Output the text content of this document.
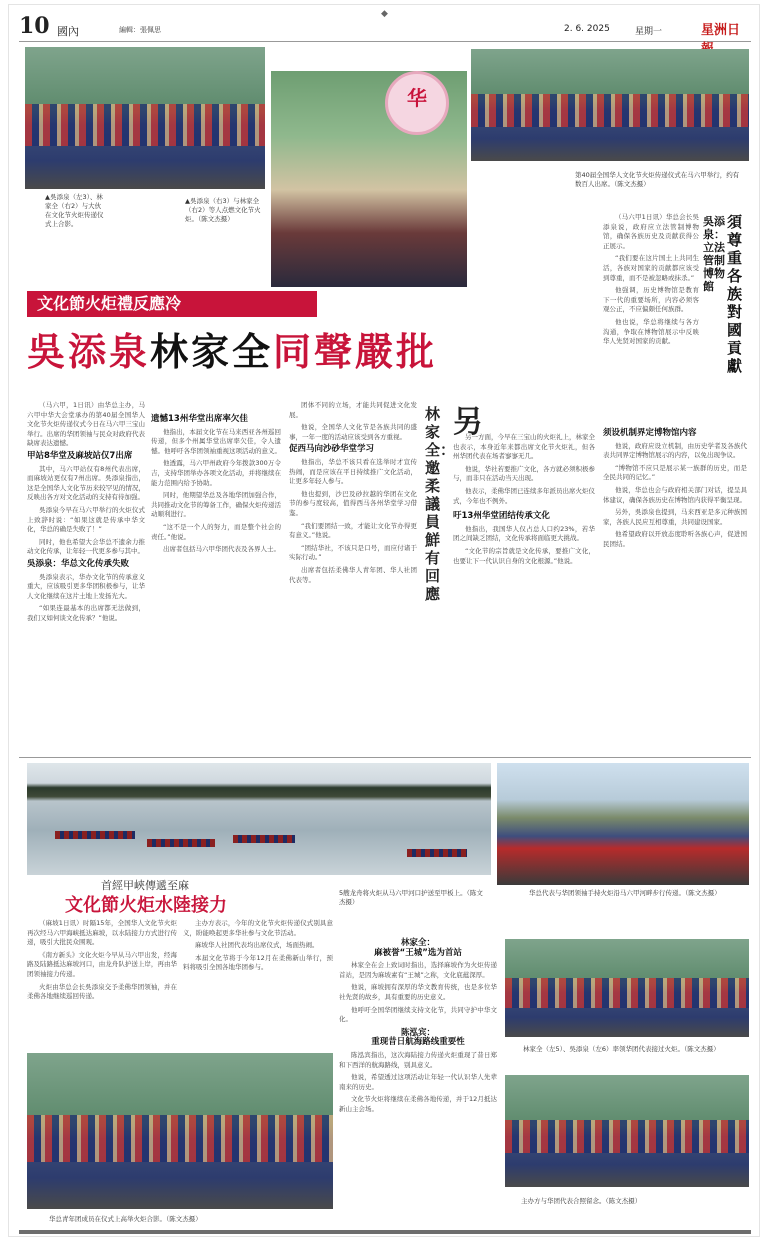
◆
10 國內	編輯：張佩思	2. 6. 2025	星期一	星洲日
▲吳添泉（左3）、林家全（右2）与大伙在文化节火炬传递仪式上合影。
华
▲吳添泉（右3）与林家全（右2）等人点燃文化节火炬。（陈文杰摄）
第40届全国华人文化节火炬传递仪式在马六甲举行，约有数百人出席。（陈文杰摄）
文化節火炬禮反應冷
吳添泉林家全同聲嚴批
須尊重各族對國貢獻
吳添泉：立法管制博物館

（马六甲，1日讯）由华总主办，马六甲中华大会堂承办的第40届全国华人文化节火炬传递仪式今日在马六甲三宝山举行。出席的华团领袖与民众对政府代表缺席表达遗憾。

甲站8华堂及麻坡站仅7出席

其中，马六甲站仅有8州代表出席，而麻坡站更仅有7州出席。吳添泉指出，这是全国华人文化节历来较罕见的情况，反映出各方对文化活动的支持有待加强。

吳添泉今早在马六甲举行的火炬仪式上致辞时说：“如果这就是传承中华文化，华总的确是失败了！”

同时，他也希望大会华总不遗余力推动文化传承，让年轻一代更多参与其中。

吳添泉：华总文化传承失败

吳添泉表示，华办文化节的传承意义重大，应该吸引更多华团积极参与，让华人文化继续在这片土地上发扬光大。

“如果连最基本的出席都无法做到，我们又如何谈文化传承？”他说。

遗憾13州华堂出席率欠佳

他指出，本届文化节在马来西亚各州巡回传递，但多个州属华堂出席率欠佳，令人遗憾。他呼吁各华团领袖重视这项活动的意义。

他透露，马六甲州政府今年拨款300万令吉，支持华团举办各项文化活动，并将继续在能力范围内给予协助。

同时，他期望华总及各地华团加强合作，共同推动文化节的筹备工作，确保火炬传递活动顺利进行。

“这不是一个人的努力，而是整个社会的责任。”他说。

出席者包括马六甲华团代表及各界人士。

团体不同的立场，才能共同促进文化发展。

他说，全国华人文化节是各族共同的盛事，一年一度的活动应该受到各方重视。

促西马向沙砂华堂学习

他指出，华总不该只看在选举时才宣传热闹，而是应该在平日持续推广文化活动，让更多年轻人参与。

他也提到，沙巴及砂拉越的华团在文化节的参与度较高，值得西马各州华堂学习借鉴。

“我们要团结一致，才能让文化节办得更有意义。”他说。

“团结华社，不该只是口号，而应付诸于实际行动。”

出席者包括柔佛华人青年团、华人社团代表等。

林家全：邀柔議員鮮有回應
另

另一方面，今早在三宝山的火炬礼上，林家全也表示，本身近年来都出席文化节火炬礼，但各州华团代表在场者寥寥无几。

他说，华社若要推广文化，各方就必须积极参与，而非只在活动当天出现。

他表示，柔佛华团已连续多年派员出席火炬仪式，今年也不例外。

吁13州华堂团结传承文化

他指出，我国华人仅占总人口约23%，若华团之间缺乏团结，文化传承将面临更大挑战。

“文化节的宗旨就是文化传承，要推广文化，也要让下一代认识自身的文化根源。”他说。

（马六甲1日讯）华总会长吳添泉说，政府应立法管制博物馆，确保各族历史及贡献获得公正展示。

“我们要在这片国土上共同生活，各族对国家的贡献都应该受到尊重，而不是被忽略或抹杀。”

他强调，历史博物馆是教育下一代的重要场所，内容必须客观公正，不应偏颇任何族群。

他也说，华总将继续与各方沟通，争取在博物馆展示中反映华人先贤对国家的贡献。

须设机制界定博物馆内容

他说，政府应设立机制，由历史学者及各族代表共同界定博物馆展示的内容，以免出现争议。

“博物馆不应只是展示某一族群的历史，而是全民共同的记忆。”

他说，华总也会与政府相关部门对话，提呈具体建议，确保各族历史在博物馆内获得平衡呈现。

另外，吳添泉也提到，马来西亚是多元种族国家，各族人民应互相尊重，共同建设国家。

他希望政府以开放态度聆听各族心声，促进国民团结。

首經甲峽傳遞至麻
文化節火炬水陸接力
5艘龙舟将火炬从马六甲河口护送至甲板上。（陈文杰摄）
华总代表与华团领袖手持火炬沿马六甲河畔步行传递。（陈文杰摄）
林家全（左5）、吳添泉（左6）率领华团代表接过火炬。（陈文杰摄）
主办方与华团代表合照留念。（陈文杰摄）
华总青年团成员在仪式上高举火炬合影。（陈文杰摄）

（麻坡1日讯）时隔15年，全国华人文化节火炬再次经马六甲海峡抵达麻坡，以水陆接力方式进行传递，吸引大批民众围观。

《南方新头》文化火炬今早从马六甲出发，经海路及陆路抵达麻坡河口，由龙舟队护送上岸，再由华团领袖接力传递。

火炬由华总会长吳添泉交予柔佛华团领袖，并在柔佛各地继续巡回传递。

主办方表示，今年的文化节火炬传递仪式别具意义，盼能唤起更多华社参与文化节活动。

麻坡华人社团代表均出席仪式，场面热闹。

本届文化节将于今年12月在柔佛新山举行，预料将吸引全国各地华团参与。

林家全：
麻被誉“王城”选为首站

林家全在会上致词时指出，选择麻坡作为火炬传递首站，是因为麻坡素有“王城”之称，文化底蕴深厚。

他说，麻坡拥有深厚的华文教育传统，也是多位华社先贤的故乡，具有重要的历史意义。

他呼吁全国华团继续支持文化节，共同守护中华文化。

陈泓宾：
重现昔日航海路线重要性

陈泓宾指出，这次海陆接力传递火炬重现了昔日郑和下西洋的航海路线，别具意义。

他说，希望透过这项活动让年轻一代认识华人先辈南来的历史。

文化节火炬将继续在柔佛各地传递，并于12月抵达新山主会场。
